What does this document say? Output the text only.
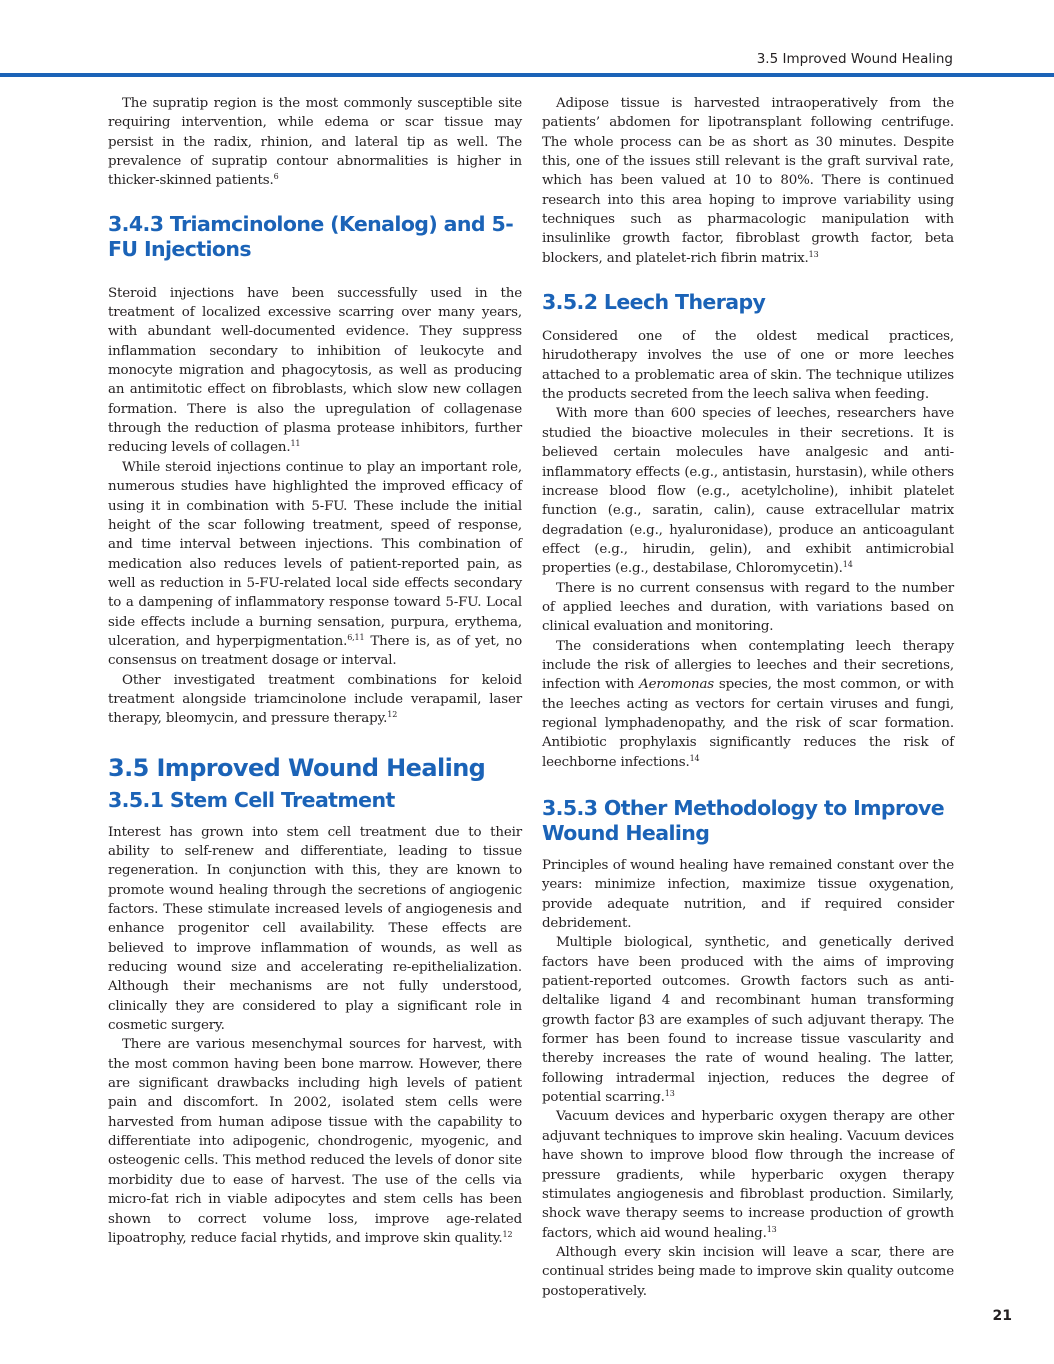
3.5 Improved Wound Healing

The supratip region is the most commonly susceptible site requiring intervention, while edema or scar tissue may persist in the radix, rhinion, and lateral tip as well. The prevalence of supratip contour abnormalities is higher in thicker-skinned patients.$^6$

3.4.3 Triamcinolone (Kenalog) and 5-FU Injections

Steroid injections have been successfully used in the treatment of localized excessive scarring over many years, with abundant well-documented evidence. They suppress inflammation secondary to inhibition of leukocyte and monocyte migration and phagocytosis, as well as producing an antimitotic effect on fibroblasts, which slow new collagen formation. There is also the upregulation of collagenase through the reduction of plasma protease inhibitors, further reducing levels of collagen.$^{11}$

While steroid injections continue to play an important role, numerous studies have highlighted the improved efficacy of using it in combination with 5-FU. These include the initial height of the scar following treatment, speed of response, and time interval between injections. This combination of medication also reduces levels of patient-reported pain, as well as reduction in 5-FU-related local side effects secondary to a dampening of inflammatory response toward 5-FU. Local side effects include a burning sensation, purpura, erythema, ulceration, and hyperpigmentation.$^{6,11}$ There is, as of yet, no consensus on treatment dosage or interval.

Other investigated treatment combinations for keloid treatment alongside triamcinolone include verapamil, laser therapy, bleomycin, and pressure therapy.$^{12}$

3.5 Improved Wound Healing
3.5.1 Stem Cell Treatment

Interest has grown into stem cell treatment due to their ability to self-renew and differentiate, leading to tissue regeneration. In conjunction with this, they are known to promote wound healing through the secretions of angiogenic factors. These stimulate increased levels of angiogenesis and enhance progenitor cell availability. These effects are believed to improve inflammation of wounds, as well as reducing wound size and accelerating re-epithelialization. Although their mechanisms are not fully understood, clinically they are considered to play a significant role in cosmetic surgery.

There are various mesenchymal sources for harvest, with the most common having been bone marrow. However, there are significant drawbacks including high levels of patient pain and discomfort. In 2002, isolated stem cells were harvested from human adipose tissue with the capability to differentiate into adipogenic, chondrogenic, myogenic, and osteogenic cells. This method reduced the levels of donor site morbidity due to ease of harvest. The use of the cells via micro-fat rich in viable adipocytes and stem cells has been shown to correct volume loss, improve age-related lipoatrophy, reduce facial rhytids, and improve skin quality.$^{12}$

Adipose tissue is harvested intraoperatively from the patients’ abdomen for lipotransplant following centrifuge. The whole process can be as short as 30 minutes. Despite this, one of the issues still relevant is the graft survival rate, which has been valued at 10 to 80%. There is continued research into this area hoping to improve variability using techniques such as pharmacologic manipulation with insulinlike growth factor, fibroblast growth factor, beta blockers, and platelet-rich fibrin matrix.$^{13}$

3.5.2 Leech Therapy

Considered one of the oldest medical practices, hirudotherapy involves the use of one or more leeches attached to a problematic area of skin. The technique utilizes the products secreted from the leech saliva when feeding.

With more than 600 species of leeches, researchers have studied the bioactive molecules in their secretions. It is believed certain molecules have analgesic and anti-inflammatory effects (e.g., antistasin, hurstasin), while others increase blood flow (e.g., acetylcholine), inhibit platelet function (e.g., saratin, calin), cause extracellular matrix degradation (e.g., hyaluronidase), produce an anticoagulant effect (e.g., hirudin, gelin), and exhibit antimicrobial properties (e.g., destabilase, Chloromycetin).$^{14}$

There is no current consensus with regard to the number of applied leeches and duration, with variations based on clinical evaluation and monitoring.

The considerations when contemplating leech therapy include the risk of allergies to leeches and their secretions, infection with Aeromonas species, the most common, or with the leeches acting as vectors for certain viruses and fungi, regional lymphadenopathy, and the risk of scar formation. Antibiotic prophylaxis significantly reduces the risk of leechborne infections.$^{14}$

3.5.3 Other Methodology to Improve Wound Healing

Principles of wound healing have remained constant over the years: minimize infection, maximize tissue oxygenation, provide adequate nutrition, and if required consider debridement.

Multiple biological, synthetic, and genetically derived factors have been produced with the aims of improving patient-reported outcomes. Growth factors such as anti-deltalike ligand 4 and recombinant human transforming growth factor β3 are examples of such adjuvant therapy. The former has been found to increase tissue vascularity and thereby increases the rate of wound healing. The latter, following intradermal injection, reduces the degree of potential scarring.$^{13}$

Vacuum devices and hyperbaric oxygen therapy are other adjuvant techniques to improve skin healing. Vacuum devices have shown to improve blood flow through the increase of pressure gradients, while hyperbaric oxygen therapy stimulates angiogenesis and fibroblast production. Similarly, shock wave therapy seems to increase production of growth factors, which aid wound healing.$^{13}$

Although every skin incision will leave a scar, there are continual strides being made to improve skin quality outcome postoperatively.

21
